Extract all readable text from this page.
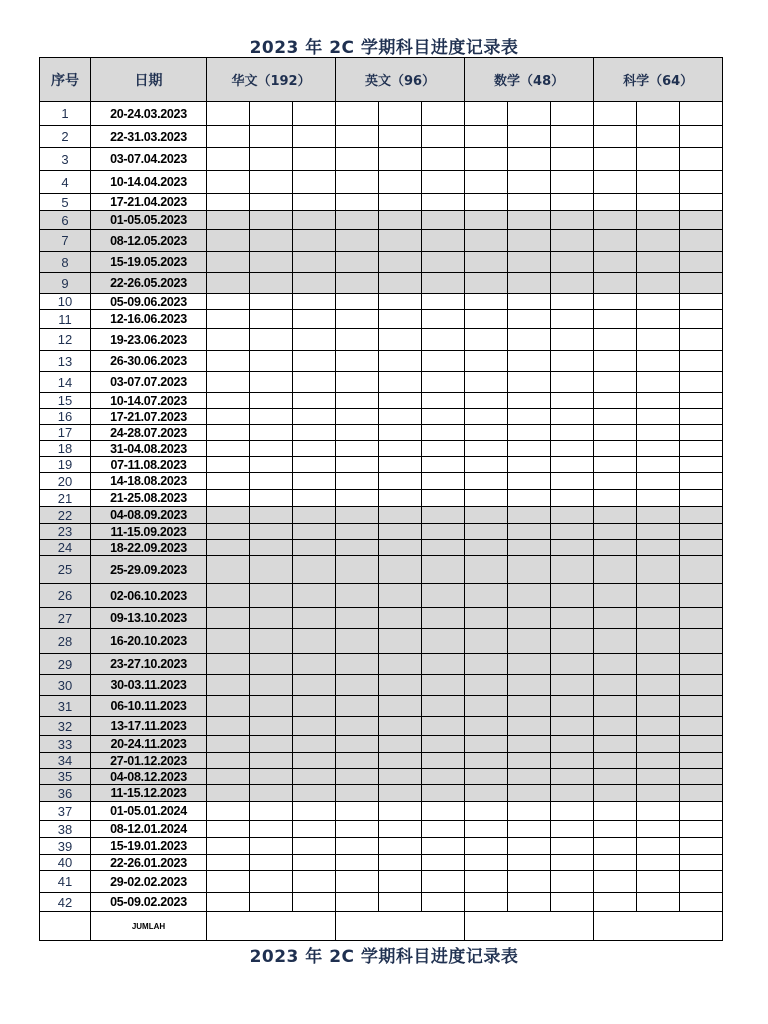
2023 年 2C 学期科目进度记录表
序号	日期	华文（192）			英文（96）			数学（48）			科学（64）		
1	20-24.03.2023												
2	22-31.03.2023												
3	03-07.04.2023												
4	10-14.04.2023												
5	17-21.04.2023												
6	01-05.05.2023												
7	08-12.05.2023												
8	15-19.05.2023												
9	22-26.05.2023												
10	05-09.06.2023												
11	12-16.06.2023												
12	19-23.06.2023												
13	26-30.06.2023												
14	03-07.07.2023												
15	10-14.07.2023												
16	17-21.07.2023												
17	24-28.07.2023												
18	31-04.08.2023												
19	07-11.08.2023												
20	14-18.08.2023												
21	21-25.08.2023												
22	04-08.09.2023												
23	11-15.09.2023												
24	18-22.09.2023												
25	25-29.09.2023												
26	02-06.10.2023												
27	09-13.10.2023												
28	16-20.10.2023												
29	23-27.10.2023												
30	30-03.11.2023												
31	06-10.11.2023												
32	13-17.11.2023												
33	20-24.11.2023												
34	27-01.12.2023												
35	04-08.12.2023												
36	11-15.12.2023												
37	01-05.01.2024												
38	08-12.01.2024												
39	15-19.01.2023												
40	22-26.01.2023												
41	29-02.02.2023												
42	05-09.02.2023												
	JUMLAH												
2023 年 2C 学期科目进度记录表
